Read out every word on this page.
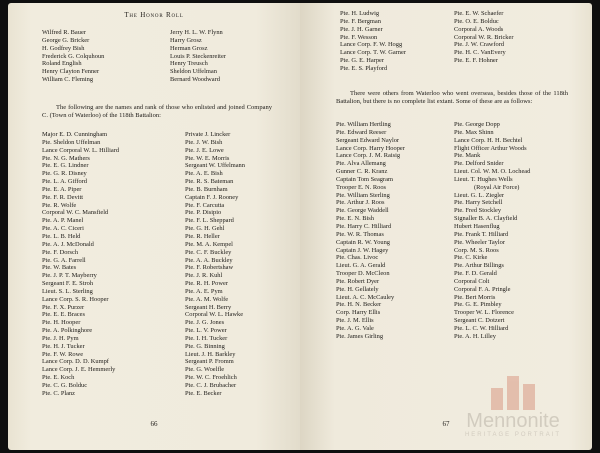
The Honor Roll
Wilfred R. Bauer
George G. Bricker
H. Godfrey Bish
Frederick G. Colquhoun
Roland English
Henry Clayton Fenner
William C. Fleming
Jerry H. L. W. Flynn
Harry Grosz
Herman Grosz
Louis P. Steckenreiter
Henry Treusch
Sheldon Uffelman
Bernard Woodward
The following are the names and rank of those who enlisted and joined Company C. (Town of Waterloo) of the 118th Battalion:
Major E. D. Cunningham
Pte. Sheldon Uffelman
Lance Corporal W. L. Hilliard
Pte. N. G. Mathers
Pte. E. G. Lindner
Pte. G. R. Disney
Pte. L. A. Gifford
Pte. E. A. Piper
Pte. F. R. Devitt
Pte. R. Wolfe
Corporal W. C. Mansfield
Pte. A. P. Manel
Pte. A. C. Ciceri
Pte. L. B. Held
Pte. A. J. McDonald
Pte. F. Dorsch
Pte. G. A. Farrell
Pte. W. Bates
Pte. J. P. T. Mayberry
Sergeant F. E. Stroh
Lieut. S. L. Sterling
Lance Corp. S. R. Hooper
Pte. F. X. Purzer
Pte. E. E. Braces
Pte. H. Hooper
Pte. A. Polkinghore
Pte. J. H. Pym
Pte. H. J. Tucker
Pte. F. W. Rowe
Lance Corp. D. D. Kumpf
Lance Corp. J. E. Hemmerly
Pte. E. Koch
Pte. C. G. Bolduc
Pte. C. Planz
Private J. Lincker
Pte. J. W. Bish
Pte. J. E. Lowe
Pte. W. E. Morris
Sergeant W. Uffelmann
Pte. A. E. Bish
Pte. R. S. Bateman
Pte. B. Burnham
Captain F. J. Rooney
Pte. F. Carcutta
Pte. P. Disipio
Pte. F. L. Sheppard
Pte. G. H. Gehl
Pte. R. Heller
Pte. M. A. Kempel
Pte. C. F. Buckley
Pte. A. A. Buckley
Pte. F. Robertshaw
Pte. J. R. Kuhl
Pte. R. H. Power
Pte. A. E. Pym
Pte. A. M. Wolfe
Sergeant H. Berry
Corporal W. L. Hawke
Pte. J. G. Jones
Pte. L. V. Power
Pte. I. H. Tucker
Pte. G. Binning
Lieut. J. H. Barkley
Sergeant P. Fromm
Pte. G. Woelfle
Pte. W. C. Froehlich
Pte. C. J. Brubacher
Pte. E. Becker
66
Pte. H. Ludwig
Pte. F. Bergman
Pte. J. H. Garner
Pte. F. Wesson
Lance Corp. F. W. Hogg
Lance Corp. T. W. Garner
Pte. G. E. Harper
Pte. E. S. Playford
Pte. E. W. Schaefer
Pte. O. E. Bolduc
Corporal A. Woods
Corporal W. R. Bricker
Pte. J. W. Crawford
Pte. H. C. VanEvery
Pte. E. F. Hohner
There were others from Waterloo who went overseas, besides those of the 118th Battalion, but there is no complete list extant. Some of these are as follows:
Pte. William Hertling
Pte. Edward Reeser
Sergeant Edward Naylor
Lance Corp. Harry Hooper
Lance Corp. J. M. Raisig
Pte. Alva Allemang
Gunner C. R. Kranz
Captain Tom Seagram
Trooper E. N. Roos
Pte. William Sterling
Pte. Arthur J. Roos
Pte. George Waddell
Pte. E. N. Bish
Pte. Harry C. Hilliard
Pte. W. R. Thomas
Captain R. W. Young
Captain J. W. Hagey
Pte. Chas. Livoc
Lieut. G. A. Gerald
Trooper D. McCleon
Pte. Robert Dyer
Pte. H. Gellately
Lieut. A. C. McCauley
Pte. H. N. Becker
Corp. Harry Ellis
Pte. J. M. Ellis
Pte. A. G. Vale
Pte. James Girling
Pte. George Dopp
Pte. Max Shinn
Lance Corp. H. H. Bechtel
Flight Officer Arthur Woods
Pte. Mank
Pte. Delford Snider
Lieut. Col. W. M. O. Lochead
Lieut. T. Hughes Wells
(Royal Air Force)
Lieut. G. L. Ziegler
Pte. Harry Setchell
Pte. Fred Stockley
Signaller B. A. Clayfield
Hubert Hasenflug
Pte. Frank T. Hilliard
Pte. Wheeler Taylor
Corp. M. S. Roos
Pte. C. Kirke
Pte. Arthur Billings
Pte. F. D. Gerald
Corporal Colt
Corporal F. A. Pringle
Pte. Bert Morris
Pte. G. E. Pimbley
Trooper W. L. Florence
Sergeant C. Dotzert
Pte. L. C. W. Hilliard
Pte. A. H. Lilley
67 Mennonite
HERITAGE PORTRAIT
